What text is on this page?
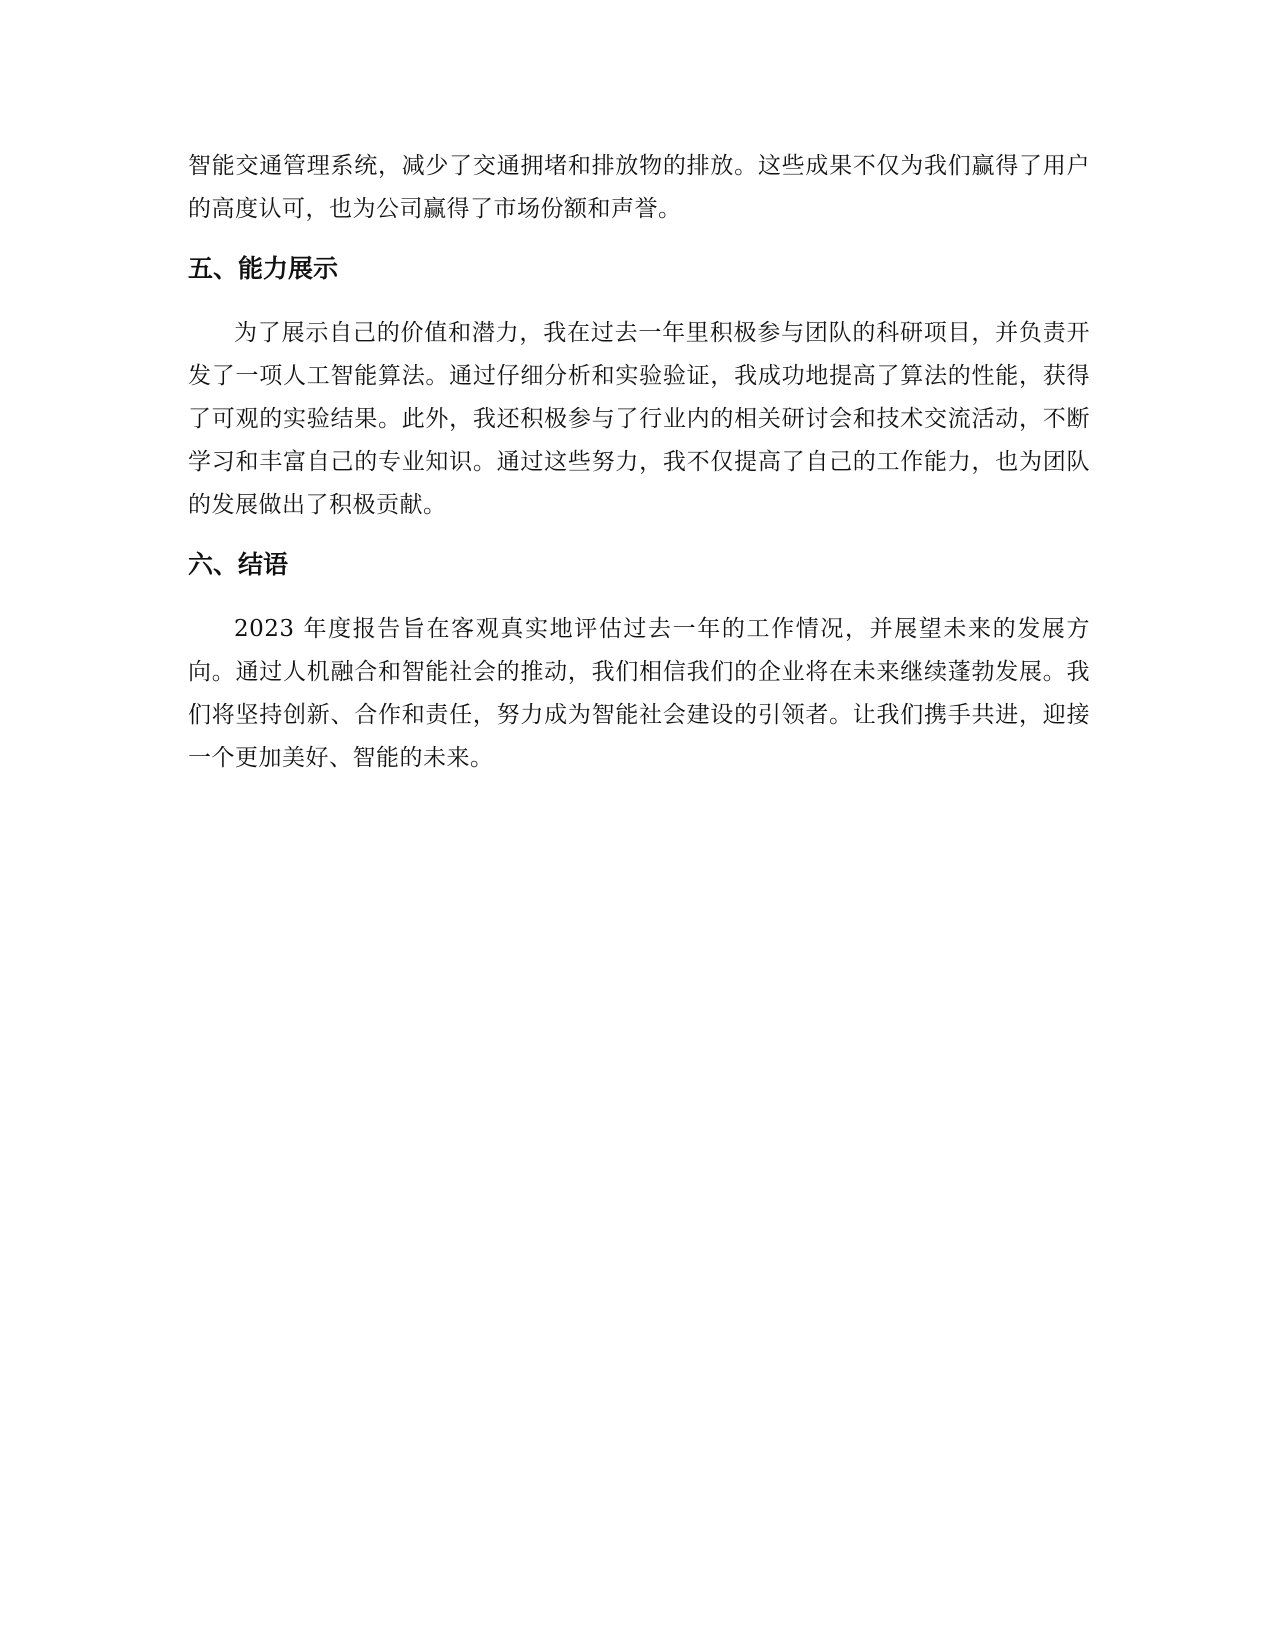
智能交通管理系统，减少了交通拥堵和排放物的排放。这些成果不仅为我们赢得了用户的高度认可，也为公司赢得了市场份额和声誉。

五、能力展示

为了展示自己的价值和潜力，我在过去一年里积极参与团队的科研项目，并负责开发了一项人工智能算法。通过仔细分析和实验验证，我成功地提高了算法的性能，获得了可观的实验结果。此外，我还积极参与了行业内的相关研讨会和技术交流活动，不断学习和丰富自己的专业知识。通过这些努力，我不仅提高了自己的工作能力，也为团队的发展做出了积极贡献。

六、结语

2023 年度报告旨在客观真实地评估过去一年的工作情况，并展望未来的发展方向。通过人机融合和智能社会的推动，我们相信我们的企业将在未来继续蓬勃发展。我们将坚持创新、合作和责任，努力成为智能社会建设的引领者。让我们携手共进，迎接一个更加美好、智能的未来。
